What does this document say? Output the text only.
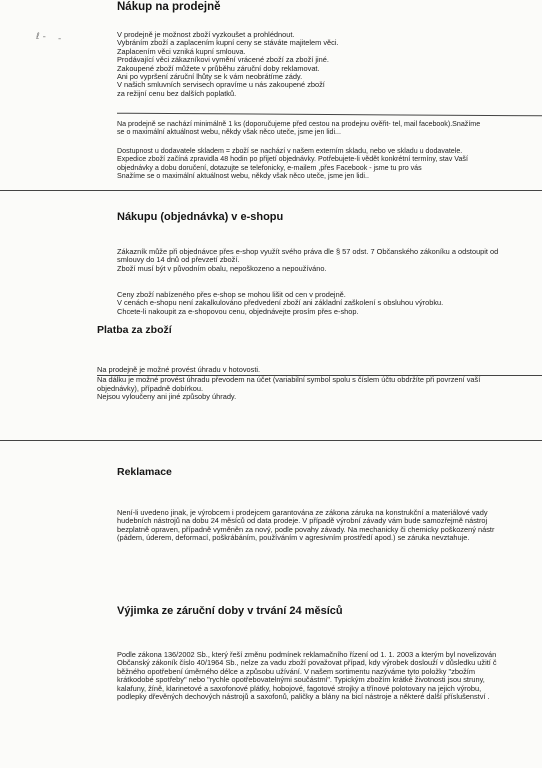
ℓ - -
Nákup na prodejně
V prodejně je možnost zboží vyzkoušet a prohlédnout.
Vybráním zboží a zaplacením kupní ceny se stáváte majitelem věci.
Zaplacením věci vzniká kupní smlouva.
Prodávající věci zákazníkovi vymění vrácené zboží za zboží jiné.
Zakoupené zboží můžete v průběhu záruční doby reklamovat.
Ani po vypršení záruční lhůty se k vám neobrátíme zády.
V našich smluvních servisech opravíme u nás zakoupené zboží
za režijní cenu bez dalších poplatků.
Na prodejně se nachází minimálně 1 ks (doporučujeme před cestou na prodejnu ověřit- tel, mail facebook).Snažíme
se o maximální aktuálnost webu, někdy však něco uteče, jsme jen lidi...
Dostupnost u dodavatele skladem = zboží se nachází v našem externím skladu, nebo ve skladu u dodavatele.
Expedice zboží začíná zpravidla 48 hodin po přijetí objednávky. Potřebujete-li vědět konkrétní termíny, stav Vaší
objednávky a dobu doručení, dotazujte se telefonicky, e-mailem ,přes Facebook - jsme tu pro vás
Snažíme se o maximální aktuálnost webu, někdy však něco uteče, jsme jen lidi..
Nákupu (objednávka) v e-shopu
Zákazník může při objednávce přes e-shop využít svého práva dle § 57 odst. 7 Občanského zákoníku a odstoupit od
smlouvy do 14 dnů od převzetí zboží.
Zboží musí být v původním obalu, nepoškozeno a nepoužíváno.
Ceny zboží nabízeného přes e-shop se mohou lišit od cen v prodejně.
V cenách e-shopu není zakalkulováno předvedení zboží ani základní zaškolení s obsluhou výrobku.
Chcete-li nakoupit za e-shopovou cenu, objednávejte prosím přes e-shop.
Platba za zboží
Na prodejně je možné provést úhradu v hotovosti.
Na dálku je možné provést úhradu převodem na účet (variabilní symbol spolu s číslem účtu obdržíte při povrzení vaší
objednávky), případně dobírkou.
Nejsou vyloučeny ani jiné způsoby úhrady.
Reklamace
Není-li uvedeno jinak, je výrobcem i prodejcem garantována ze zákona záruka na konstrukční a materiálové vady
hudebních nástrojů na dobu 24 měsíců od data prodeje. V případě výrobní závady vám bude samozřejmě nástroj
bezplatně opraven, případně vyměněn za nový, podle povahy závady. Na mechanicky či chemicky poškozený nástr
(pádem, úderem, deformací, poškrábáním, používáním v agresivním prostředí apod.) se záruka nevztahuje.
Výjimka ze záruční doby v trvání 24 měsíců
Podle zákona 136/2002 Sb., který řeší změnu podmínek reklamačního řízení od 1. 1. 2003 a kterým byl novelizován
Občanský zákoník číslo 40/1964 Sb., nelze za vadu zboží považovat případ, kdy výrobek doslouží v důsledku užití č
běžného opotřebení úměrného délce a způsobu užívání. V našem sortimentu nazýváme tyto položky "zbožím
krátkodobé spotřeby" nebo "rychle opotřebovatelnými součástmi". Typickým zbožím krátké životnosti jsou struny,
kalafuny, žíně, klarinetové a saxofonové plátky, hobojové, fagotové strojky a třínové polotovary na jejich výrobu,
podlepky dřevěných dechových nástrojů a saxofonů, paličky a blány na bicí nástroje a některé další příslušenství .
